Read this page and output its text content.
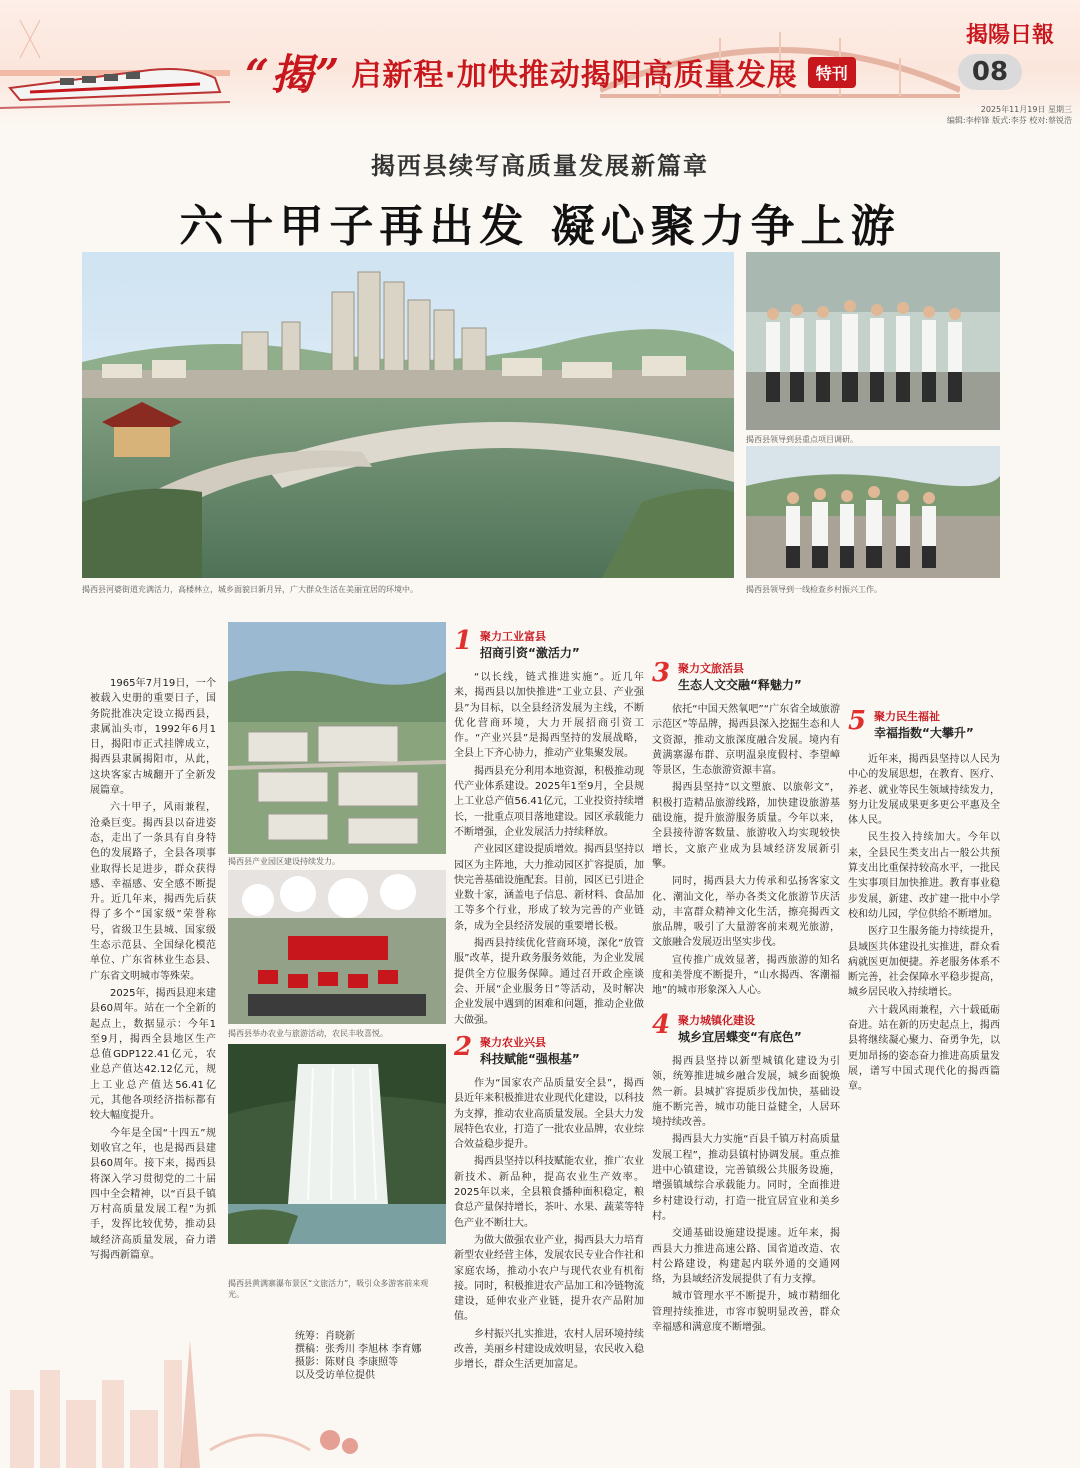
“揭” 启新程·加快推动揭阳高质量发展	特刊
揭陽日報
08
2025年11月19日 星期三
编辑:李梓锋 版式:李芬 校对:蔡锐浩
揭西县续写高质量发展新篇章
六十甲子再出发 凝心聚力争上游
揭西县河婆街道充满活力，高楼林立，城乡面貌日新月异，广大群众生活在美丽宜居的环境中。
揭西县领导到县重点项目调研。
揭西县领导到一线检查乡村振兴工作。
揭西县产业园区建设持续发力。
揭西县举办农业与旅游活动，农民丰收喜悦。
揭西县黄满寨瀑布景区“文旅活力”，吸引众多游客前来观光。

1965年7月19日，一个被载入史册的重要日子，国务院批准决定设立揭西县，隶属汕头市，1992年6月1日，揭阳市正式挂牌成立，揭西县隶属揭阳市，从此，这块客家古城翻开了全新发展篇章。

六十甲子，风雨兼程，沧桑巨变。揭西县以奋进姿态，走出了一条具有自身特色的发展路子，全县各项事业取得长足进步，群众获得感、幸福感、安全感不断提升。近几年来，揭西先后获得了多个“国家级”荣誉称号，省级卫生县城、国家级生态示范县、全国绿化模范单位、广东省林业生态县、广东省文明城市等殊荣。

2025年，揭西县迎来建县60周年。站在一个全新的起点上，数据显示：今年1至9月，揭西全县地区生产总值GDP122.41亿元，农业总产值达42.12亿元，规上工业总产值达56.41亿元，其他各项经济指标都有较大幅度提升。

今年是全国“十四五”规划收官之年，也是揭西县建县60周年。接下来，揭西县将深入学习贯彻党的二十届四中全会精神，以“百县千镇万村高质量发展工程”为抓手，发挥比较优势，推动县域经济高质量发展，奋力谱写揭西新篇章。

1 聚力工业富县
招商引资“激活力”

“以长线，链式推进实施”。近几年来，揭西县以加快推进“工业立县、产业强县”为目标，以全县经济发展为主线，不断优化营商环境，大力开展招商引资工作。“产业兴县”是揭西坚持的发展战略，全县上下齐心协力，推动产业集聚发展。

揭西县充分利用本地资源，积极推动现代产业体系建设。2025年1至9月，全县规上工业总产值56.41亿元，工业投资持续增长，一批重点项目落地建设。园区承载能力不断增强，企业发展活力持续释放。

产业园区建设提质增效。揭西县坚持以园区为主阵地，大力推动园区扩容提质，加快完善基础设施配套。目前，园区已引进企业数十家，涵盖电子信息、新材料、食品加工等多个行业，形成了较为完善的产业链条，成为全县经济发展的重要增长极。

揭西县持续优化营商环境，深化“放管服”改革，提升政务服务效能，为企业发展提供全方位服务保障。通过召开政企座谈会、开展“企业服务日”等活动，及时解决企业发展中遇到的困难和问题，推动企业做大做强。

2 聚力农业兴县
科技赋能“强根基”

作为“国家农产品质量安全县”，揭西县近年来积极推进农业现代化建设，以科技为支撑，推动农业高质量发展。全县大力发展特色农业，打造了一批农业品牌，农业综合效益稳步提升。

揭西县坚持以科技赋能农业，推广农业新技术、新品种，提高农业生产效率。2025年以来，全县粮食播种面积稳定，粮食总产量保持增长，茶叶、水果、蔬菜等特色产业不断壮大。

为做大做强农业产业，揭西县大力培育新型农业经营主体，发展农民专业合作社和家庭农场，推动小农户与现代农业有机衔接。同时，积极推进农产品加工和冷链物流建设，延伸农业产业链，提升农产品附加值。

乡村振兴扎实推进，农村人居环境持续改善，美丽乡村建设成效明显，农民收入稳步增长，群众生活更加富足。

3 聚力文旅活县
生态人文交融“释魅力”

依托“中国天然氧吧”“广东省全域旅游示范区”等品牌，揭西县深入挖掘生态和人文资源，推动文旅深度融合发展。境内有黄满寨瀑布群、京明温泉度假村、李望嶂等景区，生态旅游资源丰富。

揭西县坚持“以文塑旅、以旅彰文”，积极打造精品旅游线路，加快建设旅游基础设施，提升旅游服务质量。今年以来，全县接待游客数量、旅游收入均实现较快增长，文旅产业成为县域经济发展新引擎。

同时，揭西县大力传承和弘扬客家文化、潮汕文化，举办各类文化旅游节庆活动，丰富群众精神文化生活，擦亮揭西文旅品牌，吸引了大量游客前来观光旅游，文旅融合发展迈出坚实步伐。

宣传推广成效显著，揭西旅游的知名度和美誉度不断提升，“山水揭西、客潮福地”的城市形象深入人心。

4 聚力城镇化建设
城乡宜居蝶变“有底色”

揭西县坚持以新型城镇化建设为引领，统筹推进城乡融合发展，城乡面貌焕然一新。县城扩容提质步伐加快，基础设施不断完善，城市功能日益健全，人居环境持续改善。

揭西县大力实施“百县千镇万村高质量发展工程”，推动县镇村协调发展。重点推进中心镇建设，完善镇级公共服务设施，增强镇域综合承载能力。同时，全面推进乡村建设行动，打造一批宜居宜业和美乡村。

交通基础设施建设提速。近年来，揭西县大力推进高速公路、国省道改造、农村公路建设，构建起内联外通的交通网络，为县域经济发展提供了有力支撑。

城市管理水平不断提升，城市精细化管理持续推进，市容市貌明显改善，群众幸福感和满意度不断增强。

5 聚力民生福祉
幸福指数“大攀升”

近年来，揭西县坚持以人民为中心的发展思想，在教育、医疗、养老、就业等民生领域持续发力，努力让发展成果更多更公平惠及全体人民。

民生投入持续加大。今年以来，全县民生类支出占一般公共预算支出比重保持较高水平，一批民生实事项目加快推进。教育事业稳步发展，新建、改扩建一批中小学校和幼儿园，学位供给不断增加。

医疗卫生服务能力持续提升，县域医共体建设扎实推进，群众看病就医更加便捷。养老服务体系不断完善，社会保障水平稳步提高，城乡居民收入持续增长。

六十载风雨兼程，六十载砥砺奋进。站在新的历史起点上，揭西县将继续凝心聚力、奋勇争先，以更加昂扬的姿态奋力推进高质量发展，谱写中国式现代化的揭西篇章。

统筹：肖晓新
撰稿：张秀川 李旭林 李育娜
摄影：陈财良 李康照等
以及受访单位提供
